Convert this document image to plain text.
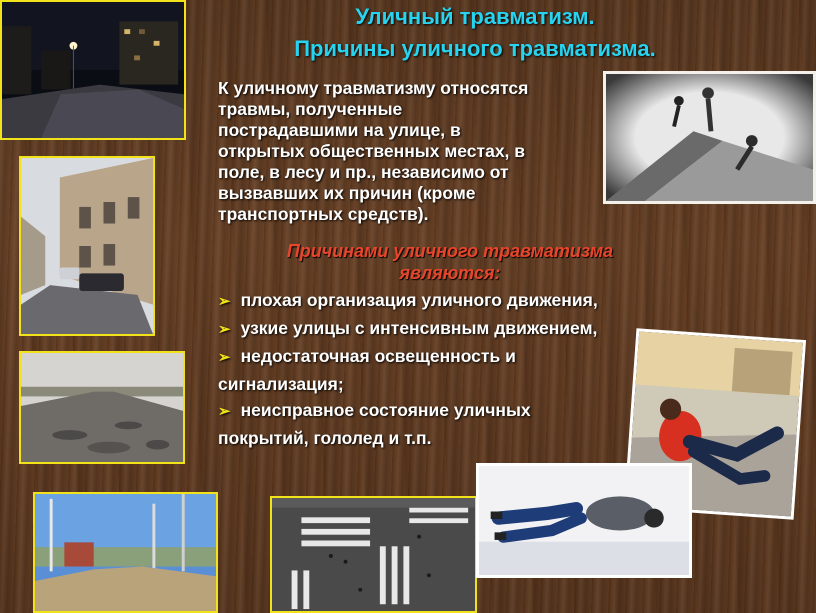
Уличный травматизм.
Причины уличного травматизма.
К уличному травматизму относятся
травмы, полученные
пострадавшими на улице, в
открытых общественных местах, в
поле, в лесу и пр., независимо от
вызвавших их причин (кроме
транспортных средств).
Причинами уличного травматизма
являются:
➢ плохая организация уличного движения,
➢ узкие улицы с интенсивным движением,
➢ недостаточная освещенность и
сигнализация;
➢ неисправное состояние уличных
покрытий, гололед и т.п.
